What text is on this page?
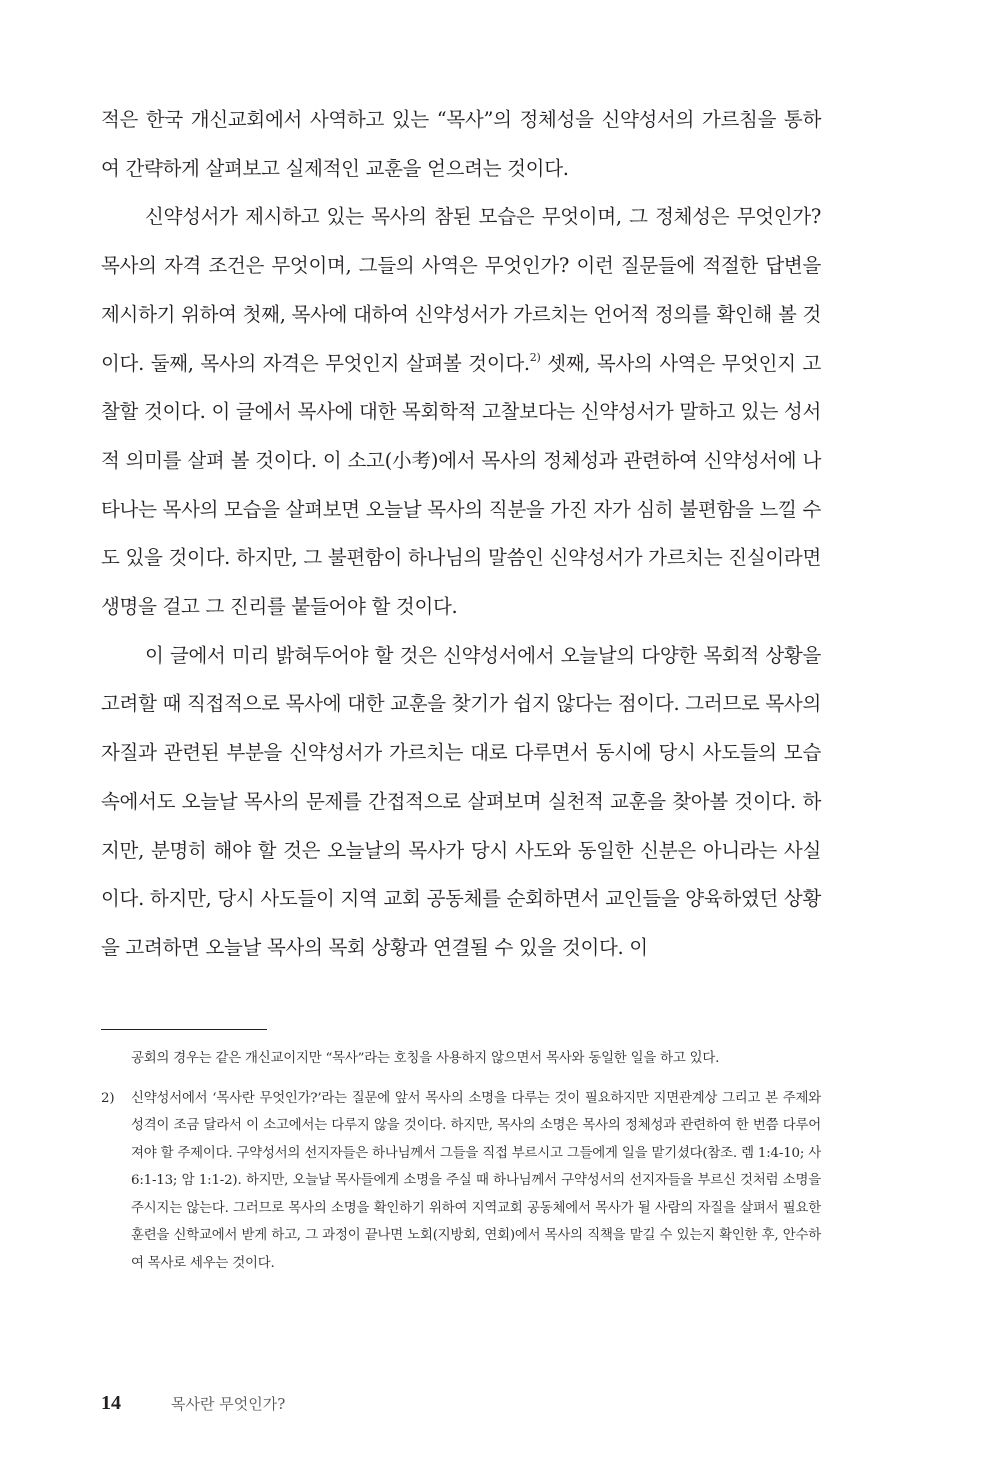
적은 한국 개신교회에서 사역하고 있는 “목사”의 정체성을 신약성서의 가르침을 통하여 간략하게 살펴보고 실제적인 교훈을 얻으려는 것이다.

신약성서가 제시하고 있는 목사의 참된 모습은 무엇이며, 그 정체성은 무엇인가? 목사의 자격 조건은 무엇이며, 그들의 사역은 무엇인가? 이런 질문들에 적절한 답변을 제시하기 위하여 첫째, 목사에 대하여 신약성서가 가르치는 언어적 정의를 확인해 볼 것이다. 둘째, 목사의 자격은 무엇인지 살펴볼 것이다.$^{2)}$ 셋째, 목사의 사역은 무엇인지 고찰할 것이다. 이 글에서 목사에 대한 목회학적 고찰보다는 신약성서가 말하고 있는 성서적 의미를 살펴 볼 것이다. 이 소고(小考)에서 목사의 정체성과 관련하여 신약성서에 나타나는 목사의 모습을 살펴보면 오늘날 목사의 직분을 가진 자가 심히 불편함을 느낄 수도 있을 것이다. 하지만, 그 불편함이 하나님의 말씀인 신약성서가 가르치는 진실이라면 생명을 걸고 그 진리를 붙들어야 할 것이다.

이 글에서 미리 밝혀두어야 할 것은 신약성서에서 오늘날의 다양한 목회적 상황을 고려할 때 직접적으로 목사에 대한 교훈을 찾기가 쉽지 않다는 점이다. 그러므로 목사의 자질과 관련된 부분을 신약성서가 가르치는 대로 다루면서 동시에 당시 사도들의 모습 속에서도 오늘날 목사의 문제를 간접적으로 살펴보며 실천적 교훈을 찾아볼 것이다. 하지만, 분명히 해야 할 것은 오늘날의 목사가 당시 사도와 동일한 신분은 아니라는 사실이다. 하지만, 당시 사도들이 지역 교회 공동체를 순회하면서 교인들을 양육하였던 상황을 고려하면 오늘날 목사의 목회 상황과 연결될 수 있을 것이다. 이

공회의 경우는 같은 개신교이지만 “목사”라는 호칭을 사용하지 않으면서 목사와 동일한 일을 하고 있다.
2)	신약성서에서 ‘목사란 무엇인가?’라는 질문에 앞서 목사의 소명을 다루는 것이 필요하지만 지면관계상 그리고 본 주제와 성격이 조금 달라서 이 소고에서는 다루지 않을 것이다. 하지만, 목사의 소명은 목사의 정체성과 관련하여 한 번쯤 다루어져야 할 주제이다. 구약성서의 선지자들은 하나님께서 그들을 직접 부르시고 그들에게 일을 맡기셨다(참조. 렘 1:4-10; 사 6:1-13; 암 1:1-2). 하지만, 오늘날 목사들에게 소명을 주실 때 하나님께서 구약성서의 선지자들을 부르신 것처럼 소명을 주시지는 않는다. 그러므로 목사의 소명을 확인하기 위하여 지역교회 공동체에서 목사가 될 사람의 자질을 살펴서 필요한 훈련을 신학교에서 받게 하고, 그 과정이 끝나면 노회(지방회, 연회)에서 목사의 직책을 맡길 수 있는지 확인한 후, 안수하여 목사로 세우는 것이다.
14	목사란 무엇인가?
